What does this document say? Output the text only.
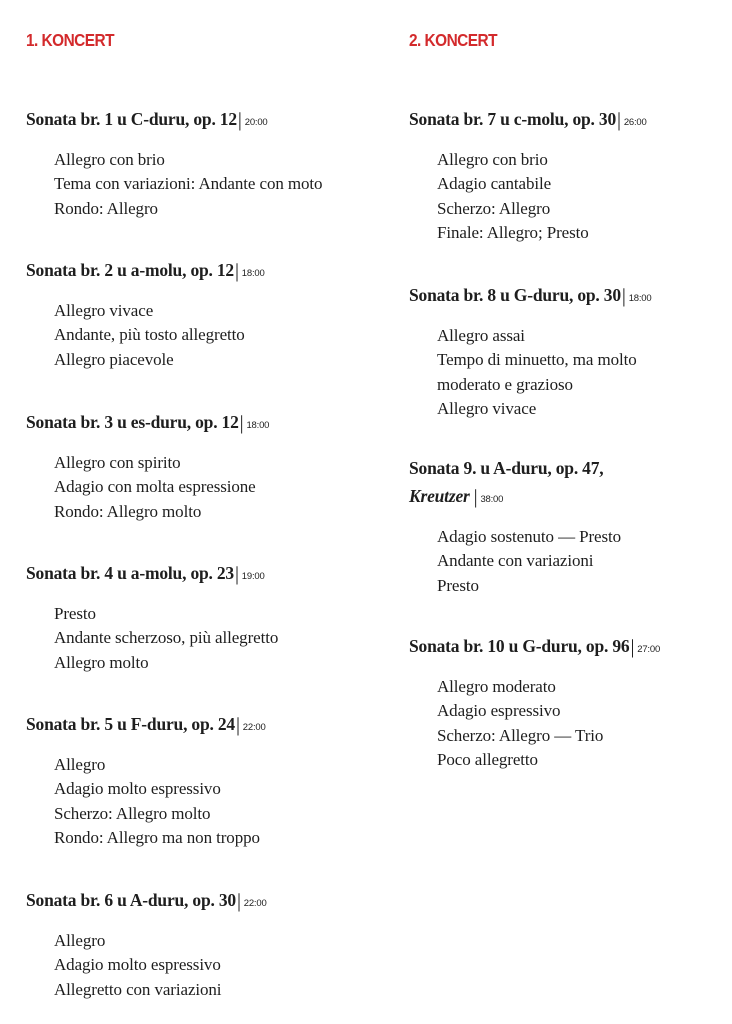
1. KONCERT
Sonata br. 1 u C-duru, op. 12| 20:00
Allegro con brio
Tema con variazioni: Andante con moto
Rondo: Allegro
Sonata br. 2 u a-molu, op. 12| 18:00
Allegro vivace
Andante, più tosto allegretto
Allegro piacevole
Sonata br. 3 u es-duru, op. 12| 18:00
Allegro con spirito
Adagio con molta espressione
Rondo: Allegro molto
Sonata br. 4 u a-molu, op. 23| 19:00
Presto
Andante scherzoso, più allegretto
Allegro molto
Sonata br. 5 u F-duru, op. 24| 22:00
Allegro
Adagio molto espressivo
Scherzo: Allegro molto
Rondo: Allegro ma non troppo
Sonata br. 6 u A-duru, op. 30| 22:00
Allegro
Adagio molto espressivo
Allegretto con variazioni
2. KONCERT
Sonata br. 7 u c-molu, op. 30| 26:00
Allegro con brio
Adagio cantabile
Scherzo: Allegro
Finale: Allegro; Presto
Sonata br. 8 u G-duru, op. 30| 18:00
Allegro assai
Tempo di minuetto, ma molto moderato e grazioso
Allegro vivace
Sonata 9. u A-duru, op. 47,
Kreutzer | 38:00
Adagio sostenuto — Presto
Andante con variazioni
Presto
Sonata br. 10 u G-duru, op. 96| 27:00
Allegro moderato
Adagio espressivo
Scherzo: Allegro — Trio
Poco allegretto
